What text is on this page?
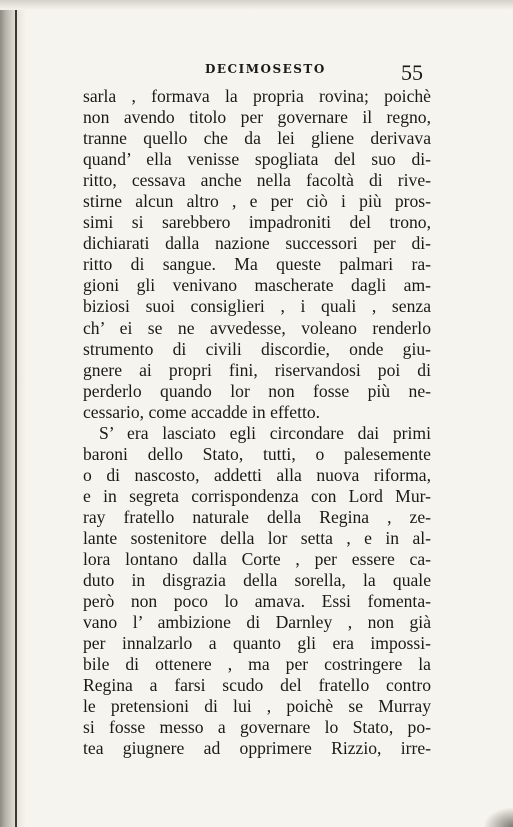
DECIMOSESTO	55
sarla , formava la propria rovina; poichè
non avendo titolo per governare il regno,
tranne quello che da lei gliene derivava
quand’ ella venisse spogliata del suo di-
ritto, cessava anche nella facoltà di rive-
stirne alcun altro , e per ciò i più pros-
simi si sarebbero impadroniti del trono,
dichiarati dalla nazione successori per di-
ritto di sangue. Ma queste palmari ra-
gioni gli venivano mascherate dagli am-
biziosi suoi consiglieri , i quali , senza
ch’ ei se ne avvedesse, voleano renderlo
strumento di civili discordie, onde giu-
gnere ai propri fini, riservandosi poi di
perderlo quando lor non fosse più ne-
cessario, come accadde in effetto.
S’ era lasciato egli circondare dai primi
baroni dello Stato, tutti, o palesemente
o di nascosto, addetti alla nuova riforma,
e in segreta corrispondenza con Lord Mur-
ray fratello naturale della Regina , ze-
lante sostenitore della lor setta , e in al-
lora lontano dalla Corte , per essere ca-
duto in disgrazia della sorella, la quale
però non poco lo amava. Essi fomenta-
vano l’ ambizione di Darnley , non già
per innalzarlo a quanto gli era impossi-
bile di ottenere , ma per costringere la
Regina a farsi scudo del fratello contro
le pretensioni di lui , poichè se Murray
si fosse messo a governare lo Stato, po-
tea giugnere ad opprimere Rizzio, irre-
